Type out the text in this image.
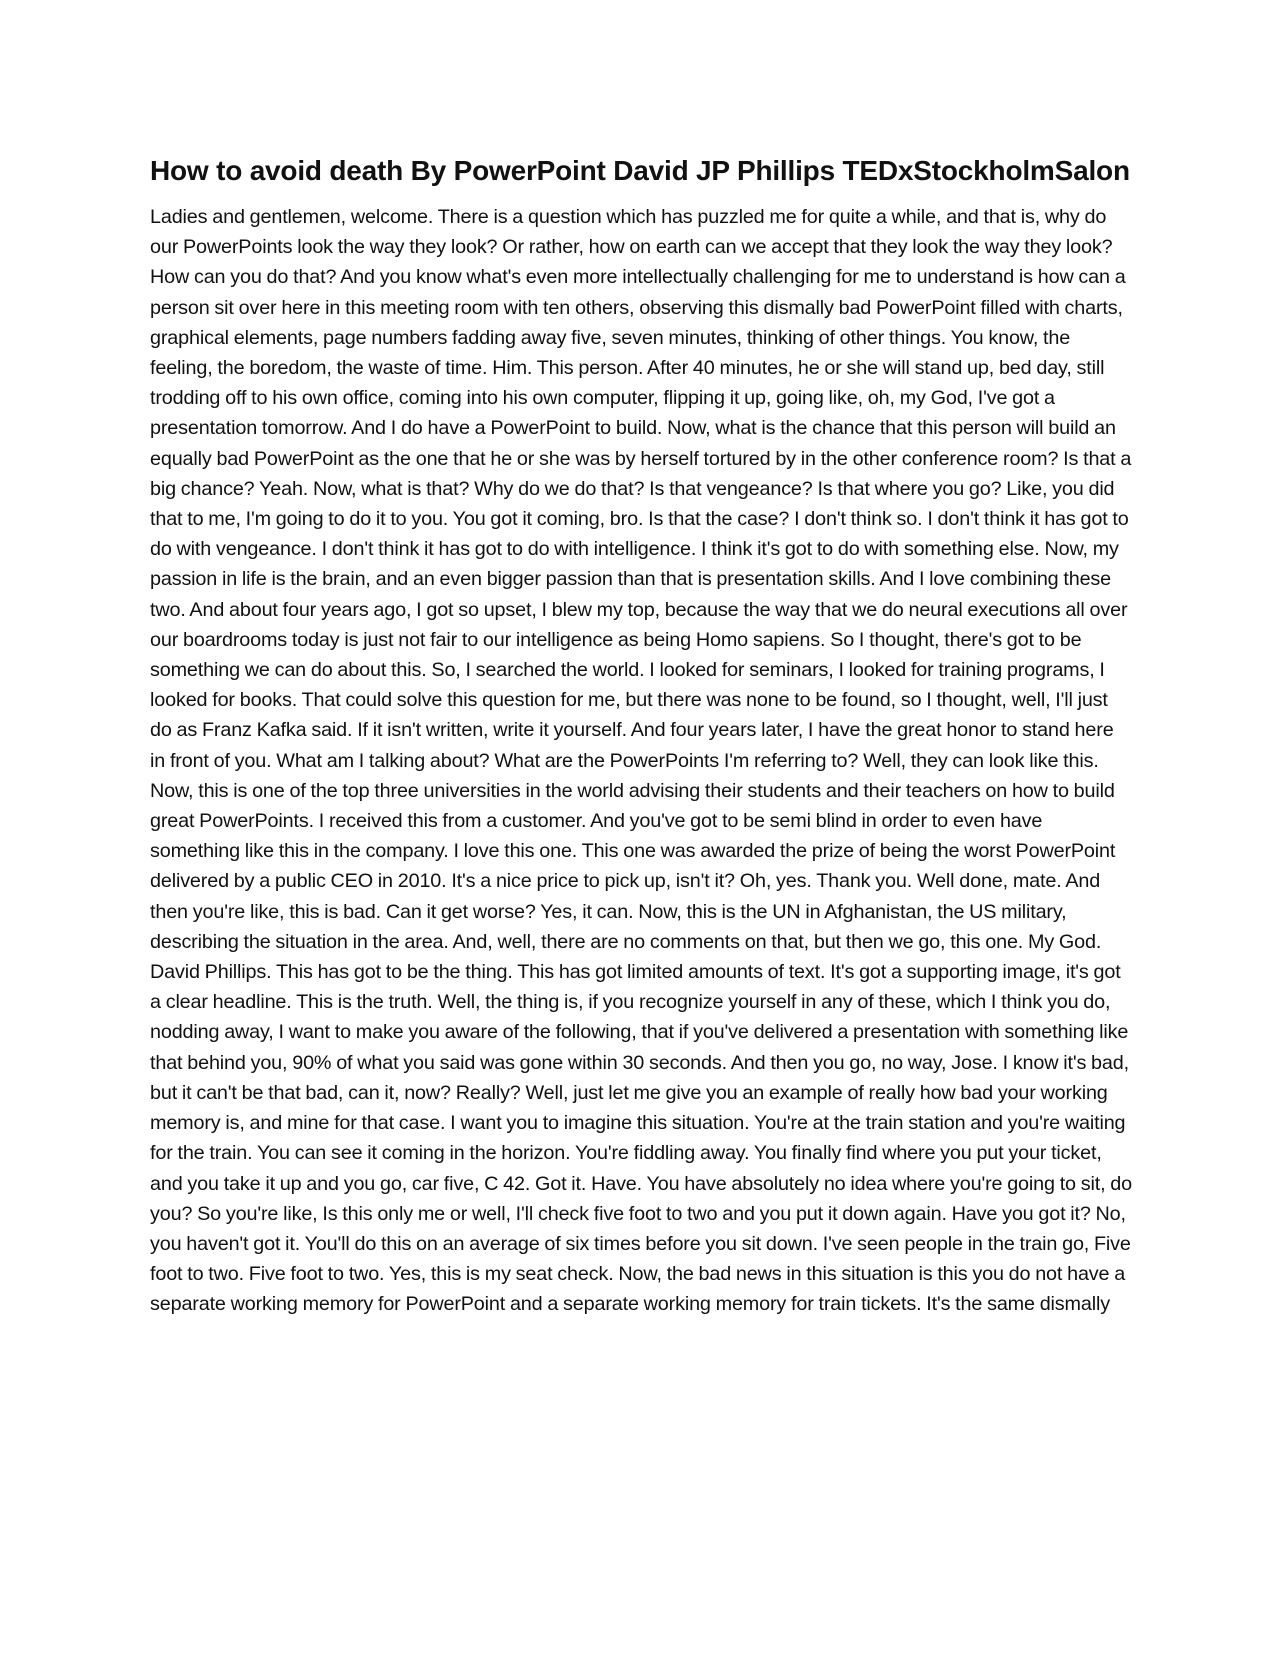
How to avoid death By PowerPoint David JP Phillips TEDxStockholmSalon

Ladies and gentlemen, welcome. There is a question which has puzzled me for quite a while, and that is, why do our PowerPoints look the way they look? Or rather, how on earth can we accept that they look the way they look? How can you do that? And you know what's even more intellectually challenging for me to understand is how can a person sit over here in this meeting room with ten others, observing this dismally bad PowerPoint filled with charts, graphical elements, page numbers fadding away five, seven minutes, thinking of other things. You know, the feeling, the boredom, the waste of time. Him. This person. After 40 minutes, he or she will stand up, bed day, still trodding off to his own office, coming into his own computer, flipping it up, going like, oh, my God, I've got a presentation tomorrow. And I do have a PowerPoint to build. Now, what is the chance that this person will build an equally bad PowerPoint as the one that he or she was by herself tortured by in the other conference room? Is that a big chance? Yeah. Now, what is that? Why do we do that? Is that vengeance? Is that where you go? Like, you did that to me, I'm going to do it to you. You got it coming, bro. Is that the case? I don't think so. I don't think it has got to do with vengeance. I don't think it has got to do with intelligence. I think it's got to do with something else. Now, my passion in life is the brain, and an even bigger passion than that is presentation skills. And I love combining these two. And about four years ago, I got so upset, I blew my top, because the way that we do neural executions all over our boardrooms today is just not fair to our intelligence as being Homo sapiens. So I thought, there's got to be something we can do about this. So, I searched the world. I looked for seminars, I looked for training programs, I looked for books. That could solve this question for me, but there was none to be found, so I thought, well, I'll just do as Franz Kafka said. If it isn't written, write it yourself. And four years later, I have the great honor to stand here in front of you. What am I talking about? What are the PowerPoints I'm referring to? Well, they can look like this. Now, this is one of the top three universities in the world advising their students and their teachers on how to build great PowerPoints. I received this from a customer. And you've got to be semi blind in order to even have something like this in the company. I love this one. This one was awarded the prize of being the worst PowerPoint delivered by a public CEO in 2010. It's a nice price to pick up, isn't it? Oh, yes. Thank you. Well done, mate. And then you're like, this is bad. Can it get worse? Yes, it can. Now, this is the UN in Afghanistan, the US military, describing the situation in the area. And, well, there are no comments on that, but then we go, this one. My God. David Phillips. This has got to be the thing. This has got limited amounts of text. It's got a supporting image, it's got a clear headline. This is the truth. Well, the thing is, if you recognize yourself in any of these, which I think you do, nodding away, I want to make you aware of the following, that if you've delivered a presentation with something like that behind you, 90% of what you said was gone within 30 seconds. And then you go, no way, Jose. I know it's bad, but it can't be that bad, can it, now? Really? Well, just let me give you an example of really how bad your working memory is, and mine for that case. I want you to imagine this situation. You're at the train station and you're waiting for the train. You can see it coming in the horizon. You're fiddling away. You finally find where you put your ticket, and you take it up and you go, car five, C 42. Got it. Have. You have absolutely no idea where you're going to sit, do you? So you're like, Is this only me or well, I'll check five foot to two and you put it down again. Have you got it? No, you haven't got it. You'll do this on an average of six times before you sit down. I've seen people in the train go, Five foot to two. Five foot to two. Yes, this is my seat check. Now, the bad news in this situation is this you do not have a separate working memory for PowerPoint and a separate working memory for train tickets. It's the same dismally
